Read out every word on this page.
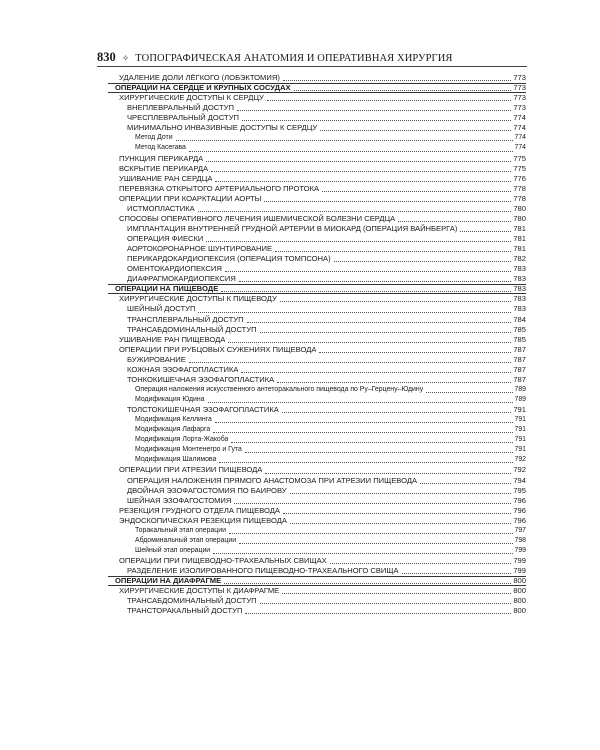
830 ✧ ТОПОГРАФИЧЕСКАЯ АНАТОМИЯ И ОПЕРАТИВНАЯ ХИРУРГИЯ
УДАЛЕНИЕ ДОЛИ ЛЁГКОГО (ЛОБЭКТОМИЯ)	773
ОПЕРАЦИИ НА СЕРДЦЕ И КРУПНЫХ СОСУДАХ	773
ХИРУРГИЧЕСКИЕ ДОСТУПЫ К СЕРДЦУ	773
ВНЕПЛЕВРАЛЬНЫЙ ДОСТУП	773
ЧРЕСПЛЕВРАЛЬНЫЙ ДОСТУП	774
МИНИМАЛЬНО ИНВАЗИВНЫЕ ДОСТУПЫ К СЕРДЦУ	774
Метод Доти	774
Метод Касегава	774
ПУНКЦИЯ ПЕРИКАРДА	775
ВСКРЫТИЕ ПЕРИКАРДА	775
УШИВАНИЕ РАН СЕРДЦА	776
ПЕРЕВЯЗКА ОТКРЫТОГО АРТЕРИАЛЬНОГО ПРОТОКА	778
ОПЕРАЦИИ ПРИ КОАРКТАЦИИ АОРТЫ	778
ИСТМОПЛАСТИКА	780
СПОСОБЫ ОПЕРАТИВНОГО ЛЕЧЕНИЯ ИШЕМИЧЕСКОЙ БОЛЕЗНИ СЕРДЦА	780
ИМПЛАНТАЦИЯ ВНУТРЕННЕЙ ГРУДНОЙ АРТЕРИИ В МИОКАРД (ОПЕРАЦИЯ ВАЙНБЕРГА)	781
ОПЕРАЦИЯ ФИЕСКИ	781
АОРТОКОРОНАРНОЕ ШУНТИРОВАНИЕ	781
ПЕРИКАРДОКАРДИОПЕКСИЯ (ОПЕРАЦИЯ ТОМПСОНА)	782
ОМЕНТОКАРДИОПЕКСИЯ	783
ДИАФРАГМОКАРДИОПЕКСИЯ	783
ОПЕРАЦИИ НА ПИЩЕВОДЕ	783
ХИРУРГИЧЕСКИЕ ДОСТУПЫ К ПИЩЕВОДУ	783
ШЕЙНЫЙ ДОСТУП	783
ТРАНСПЛЕВРАЛЬНЫЙ ДОСТУП	784
ТРАНСАБДОМИНАЛЬНЫЙ ДОСТУП	785
УШИВАНИЕ РАН ПИЩЕВОДА	785
ОПЕРАЦИИ ПРИ РУБЦОВЫХ СУЖЕНИЯХ ПИЩЕВОДА	787
БУЖИРОВАНИЕ	787
КОЖНАЯ ЭЗОФАГОПЛАСТИКА	787
ТОНКОКИШЕЧНАЯ ЭЗОФАГОПЛАСТИКА	787
Операция наложения искусственного антеторакального пищевода по Ру–Герцену–Юдину	789
Модификация Юдина	789
ТОЛСТОКИШЕЧНАЯ ЭЗОФАГОПЛАСТИКА	791
Модификация Келлинга	791
Модификация Лафарга	791
Модификация Лорта-Жакоба	791
Модификация Монтенегро и Гута	791
Модификация Шалимова	792
ОПЕРАЦИИ ПРИ АТРЕЗИИ ПИЩЕВОДА	792
ОПЕРАЦИЯ НАЛОЖЕНИЯ ПРЯМОГО АНАСТОМОЗА ПРИ АТРЕЗИИ ПИЩЕВОДА	794
ДВОЙНАЯ ЭЗОФАГОСТОМИЯ ПО БАИРОВУ	795
ШЕЙНАЯ ЭЗОФАГОСТОМИЯ	796
РЕЗЕКЦИЯ ГРУДНОГО ОТДЕЛА ПИЩЕВОДА	796
ЭНДОСКОПИЧЕСКАЯ РЕЗЕКЦИЯ ПИЩЕВОДА	796
Торакальный этап операции	797
Абдоминальный этап операции	798
Шейный этап операции	799
ОПЕРАЦИИ ПРИ ПИЩЕВОДНО-ТРАХЕАЛЬНЫХ СВИЩАХ	799
РАЗДЕЛЕНИЕ ИЗОЛИРОВАННОГО ПИЩЕВОДНО-ТРАХЕАЛЬНОГО СВИЩА	799
ОПЕРАЦИИ НА ДИАФРАГМЕ	800
ХИРУРГИЧЕСКИЕ ДОСТУПЫ К ДИАФРАГМЕ	800
ТРАНСАБДОМИНАЛЬНЫЙ ДОСТУП	800
ТРАНСТОРАКАЛЬНЫЙ ДОСТУП	800
